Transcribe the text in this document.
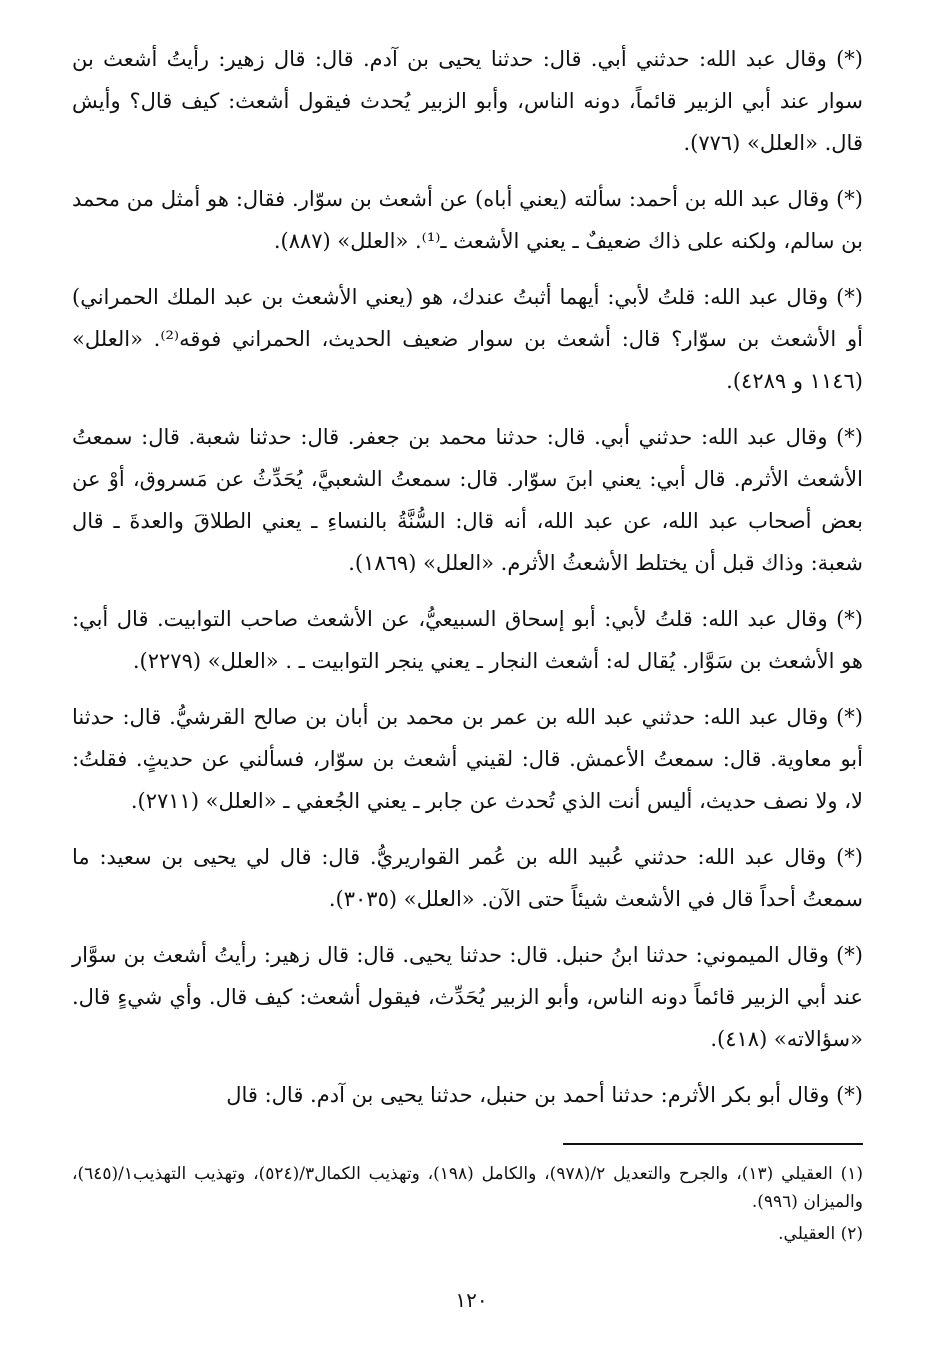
(*) وقال عبد الله: حدثني أبي. قال: حدثنا يحيى بن آدم. قال: قال زهير: رأيتُ أشعث بن سوار عند أبي الزبير قائماً، دونه الناس، وأبو الزبير يُحدث فيقول أشعث: كيف قال؟ وأيش قال. «العلل» (٧٧٦).

(*) وقال عبد الله بن أحمد: سألته (يعني أباه) عن أشعث بن سوّار. فقال: هو أمثل من محمد بن سالم، ولكنه على ذاك ضعيفٌ ـ يعني الأشعث ـ⁽¹⁾. «العلل» (٨٨٧).

(*) وقال عبد الله: قلتُ لأبي: أيهما أثبتُ عندك، هو (يعني الأشعث بن عبد الملك الحمراني) أو الأشعث بن سوّار؟ قال: أشعث بن سوار ضعيف الحديث، الحمراني فوقه⁽²⁾. «العلل» (١١٤٦ و ٤٢٨٩).

(*) وقال عبد الله: حدثني أبي. قال: حدثنا محمد بن جعفر. قال: حدثنا شعبة. قال: سمعتُ الأشعث الأثرم. قال أبي: يعني ابنَ سوّار. قال: سمعتُ الشعبيَّ، يُحَدِّثُ عن مَسروق، أوْ عن بعض أصحاب عبد الله، عن عبد الله، أنه قال: السُّنَّةُ بالنساءِ ـ يعني الطلاقَ والعدةَ ـ قال شعبة: وذاك قبل أن يختلط الأشعثُ الأثرم. «العلل» (١٨٦٩).

(*) وقال عبد الله: قلتُ لأبي: أبو إسحاق السبيعيُّ، عن الأشعث صاحب التوابيت. قال أبي: هو الأشعث بن سَوَّار. يُقال له: أشعث النجار ـ يعني ينجر التوابيت ـ . «العلل» (٢٢٧٩).

(*) وقال عبد الله: حدثني عبد الله بن عمر بن محمد بن أبان بن صالح القرشيُّ. قال: حدثنا أبو معاوية. قال: سمعتُ الأعمش. قال: لقيني أشعث بن سوّار، فسألني عن حديثٍ. فقلتُ: لا، ولا نصف حديث، أليس أنت الذي تُحدث عن جابر ـ يعني الجُعفي ـ «العلل» (٢٧١١).

(*) وقال عبد الله: حدثني عُبيد الله بن عُمر القواريريُّ. قال: قال لي يحيى بن سعيد: ما سمعتُ أحداً قال في الأشعث شيئاً حتى الآن. «العلل» (٣٠٣٥).

(*) وقال الميموني: حدثنا ابنُ حنبل. قال: حدثنا يحيى. قال: قال زهير: رأيتُ أشعث بن سوَّار عند أبي الزبير قائماً دونه الناس، وأبو الزبير يُحَدِّث، فيقول أشعث: كيف قال. وأي شيءٍ قال. «سؤالاته» (٤١٨).

(*) وقال أبو بكر الأثرم: حدثنا أحمد بن حنبل، حدثنا يحيى بن آدم. قال: قال

(١) العقيلي (١٣)، والجرح والتعديل ٢/(٩٧٨)، والكامل (١٩٨)، وتهذيب الكمال٣/(٥٢٤)، وتهذيب التهذيب١/(٦٤٥)، والميزان (٩٩٦).

(٢) العقيلي.

١٢٠
